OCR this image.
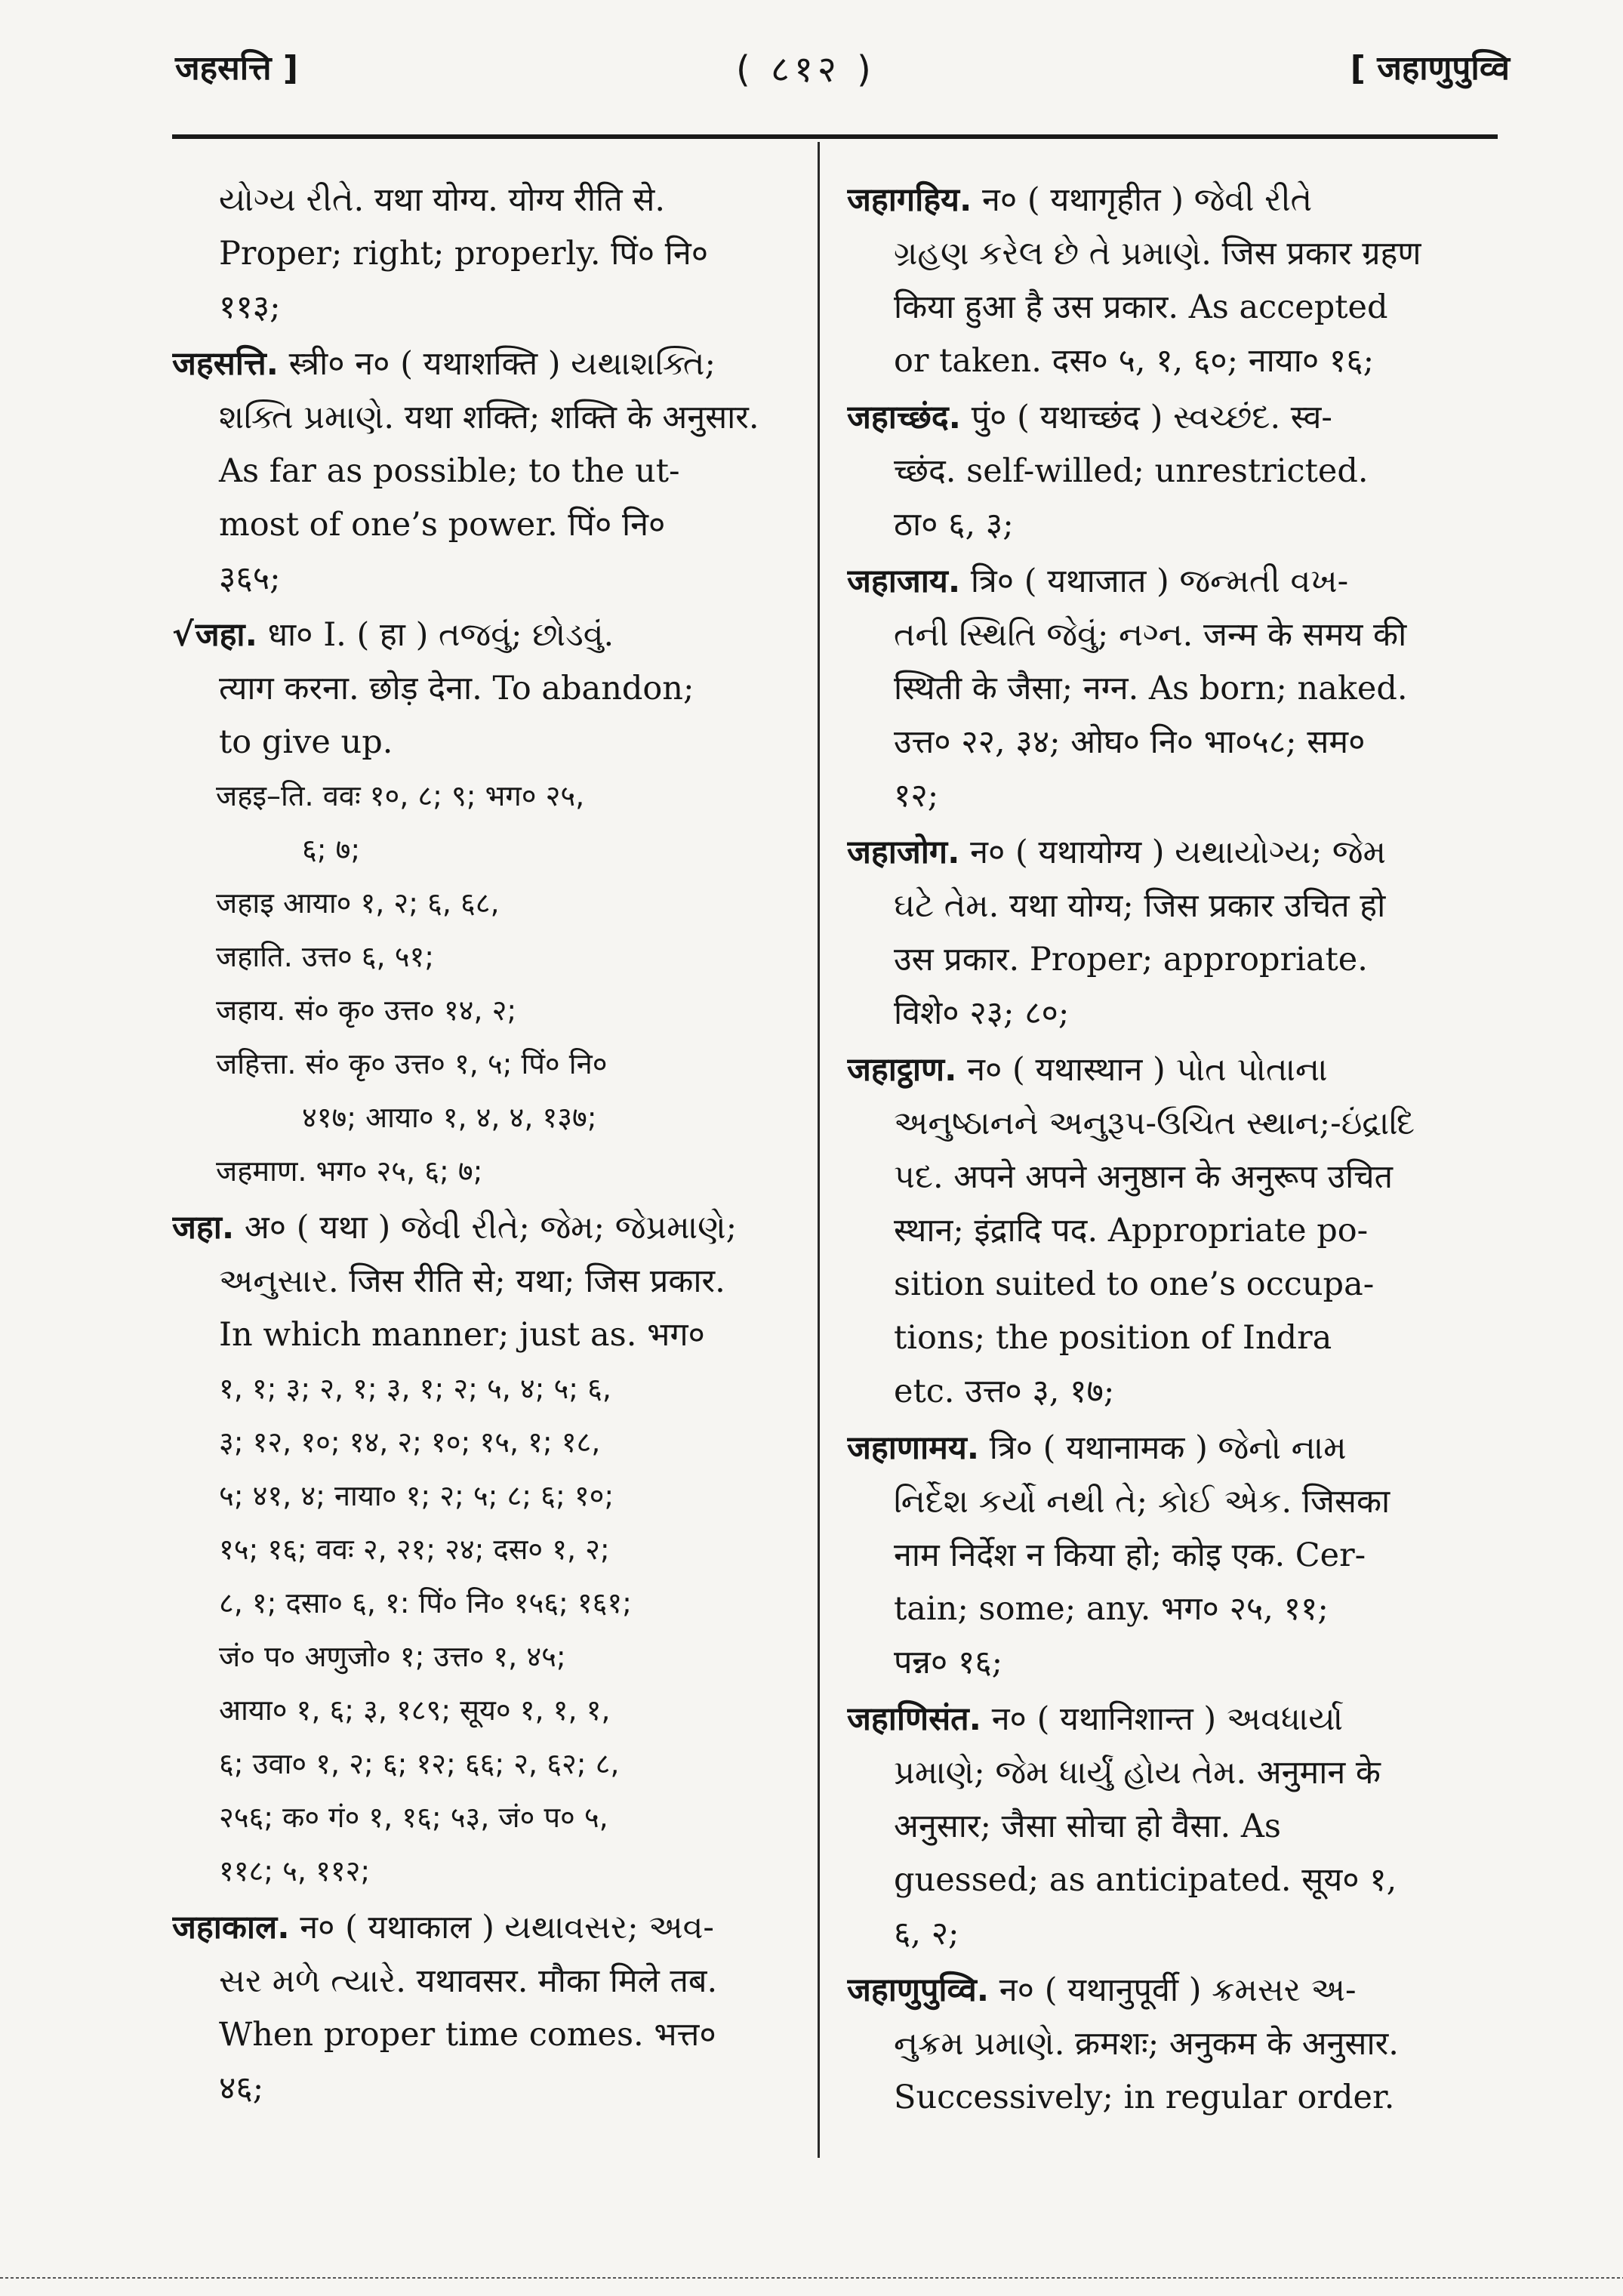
जहसत्ति ]	( ८१२ )	[ जहाणुपुव्वि
યોગ્ય રીતે. यथा योग्य. योग्य रीति से.
Proper; right; properly. पिं० नि०
११३;
जहसत्ति. स्त्री० न० ( यथाशक्ति ) યથાશક્તિ;
શક્તિ પ્રમાણે. यथा शक्ति; शक्ति के अनुसार.
As far as possible; to the ut-
most of one’s power. पिं० नि०
३६५;
√जहा. धा० I. ( हा ) તજવું; છોડવું.
त्याग करना. छोड़ देना. To abandon;
to give up.
जहइ–ति. ववः १०, ८; ९; भग० २५,
६; ७;
जहाइ आया० १, २; ६, ६८,
जहाति. उत्त० ६, ५१;
जहाय. सं० कृ० उत्त० १४, २;
जहित्ता. सं० कृ० उत्त० १, ५; पिं० नि०
४१७; आया० १, ४, ४, १३७;
जहमाण. भग० २५, ६; ७;
जहा. अ० ( यथा ) જેવી રીતે; જેમ; જેપ્રમાણે;
અનુસાર. जिस रीति से; यथा; जिस प्रकार.
In which manner; just as. भग०
१, १; ३; २, १; ३, १; २; ५, ४; ५; ६,
३; १२, १०; १४, २; १०; १५, १; १८,
५; ४१, ४; नाया० १; २; ५; ८; ६; १०;
१५; १६; ववः २, २१; २४; दस० १, २;
८, १; दसा० ६, १: पिं० नि० १५६; १६१;
जं० प० अणुजो० १; उत्त० १, ४५;
आया० १, ६; ३, १८९; सूय० १, १, १,
६; उवा० १, २; ६; १२; ६६; २, ६२; ८,
२५६; क० गं० १, १६; ५३, जं० प० ५,
११८; ५, ११२;
जहाकाल. न० ( यथाकाल ) યથાવસર; અવ-
સર મળે ત્યારે. यथावसर. मौका मिले तब.
When proper time comes. भत्त०
४६;
जहागहिय. न० ( यथागृहीत ) જેવી રીતે
ગ્રહણ કરેલ છે તે પ્રમાણે. जिस प्रकार ग्रहण
किया हुआ है उस प्रकार. As accepted
or taken. दस० ५, १, ६०; नाया० १६;
जहाच्छंद. पुं० ( यथाच्छंद ) સ્વચ્છંદ. स्व-
च्छंद. self-willed; unrestricted.
ठा० ६, ३;
जहाजाय. त्रि० ( यथाजात ) જન્મતી વખ-
તની સ્થિતિ જેવું; નગ્ન. जन्म के समय की
स्थिती के जैसा; नग्न. As born; naked.
उत्त० २२, ३४; ओघ० नि० भा०५८; सम०
१२;
जहाजोग. न० ( यथायोग्य ) યથાયોગ્ય; જેમ
ઘટે તેમ. यथा योग्य; जिस प्रकार उचित हो
उस प्रकार. Proper; appropriate.
विशे० २३; ८०;
जहाट्ठाण. न० ( यथास्थान ) પોત પોતાના
અનુષ્ઠાનને અનુરૂપ-ઉચિત સ્થાન;-ઇંદ્રાદિ
પદ. अपने अपने अनुष्ठान के अनुरूप उचित
स्थान; इंद्रादि पद. Appropriate po-
sition suited to one’s occupa-
tions; the position of Indra
etc. उत्त० ३, १७;
जहाणामय. त्रि० ( यथानामक ) જેનો નામ
નિર્દેશ કર્યો નથી તે; કોઈ એક. जिसका
नाम निर्देश न किया हो; कोइ एक. Cer-
tain; some; any. भग० २५, ११;
पन्न० १६;
जहाणिसंत. न० ( यथानिशान्त ) અવધાર્યા
પ્રમાણે; જેમ ધાર્યું હોય તેમ. अनुमान के
अनुसार; जैसा सोचा हो वैसा. As
guessed; as anticipated. सूय० १,
६, २;
जहाणुपुव्वि. न० ( यथानुपूर्वी ) ક્રમસર અ-
નુક્રમ પ્રમાણે. क्रमशः; अनुकम के अनुसार.
Successively; in regular order.
